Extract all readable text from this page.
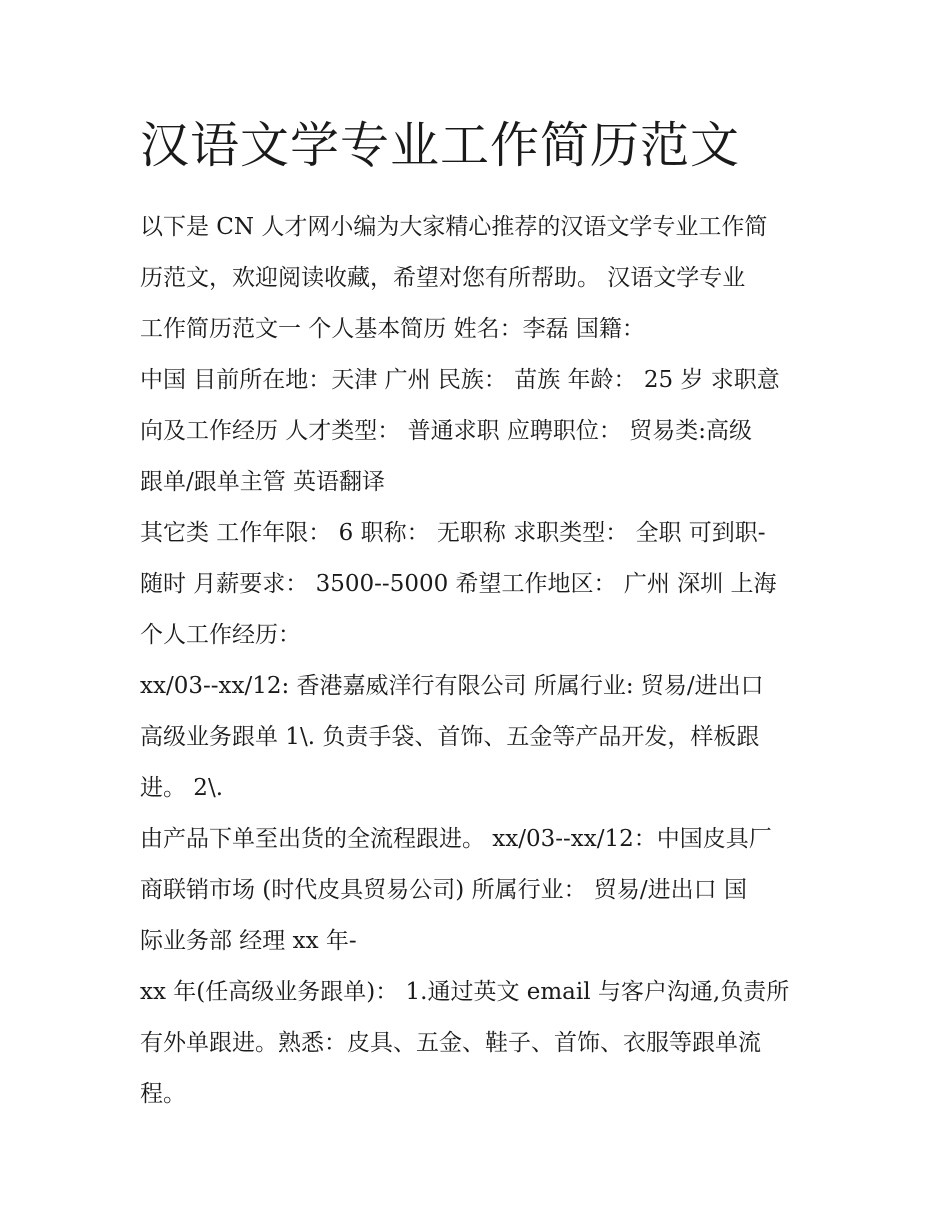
汉语文学专业工作简历范文
以下是 CN 人才网小编为大家精心推荐的汉语文学专业工作简
历范文，欢迎阅读收藏，希望对您有所帮助。 汉语文学专业
工作简历范文一 个人基本简历 姓名：李磊 国籍：
中国 目前所在地：天津 广州 民族： 苗族 年龄： 25 岁 求职意
向及工作经历 人才类型： 普通求职 应聘职位： 贸易类:高级
跟单/跟单主管 英语翻译
其它类 工作年限： 6 职称： 无职称 求职类型： 全职 可到职-
随时 月薪要求： 3500--5000 希望工作地区： 广州 深圳 上海
个人工作经历：
xx/03--xx/12: 香港嘉威洋行有限公司 所属行业: 贸易/进出口
高级业务跟单 1\. 负责手袋、首饰、五金等产品开发，样板跟
进。 2\.
由产品下单至出货的全流程跟进。 xx/03--xx/12：中国皮具厂
商联销市场 (时代皮具贸易公司) 所属行业： 贸易/进出口 国
际业务部 经理 xx 年-
xx 年(任高级业务跟单)： 1.通过英文 email 与客户沟通,负责所
有外单跟进。熟悉：皮具、五金、鞋子、首饰、衣服等跟单流
程。
